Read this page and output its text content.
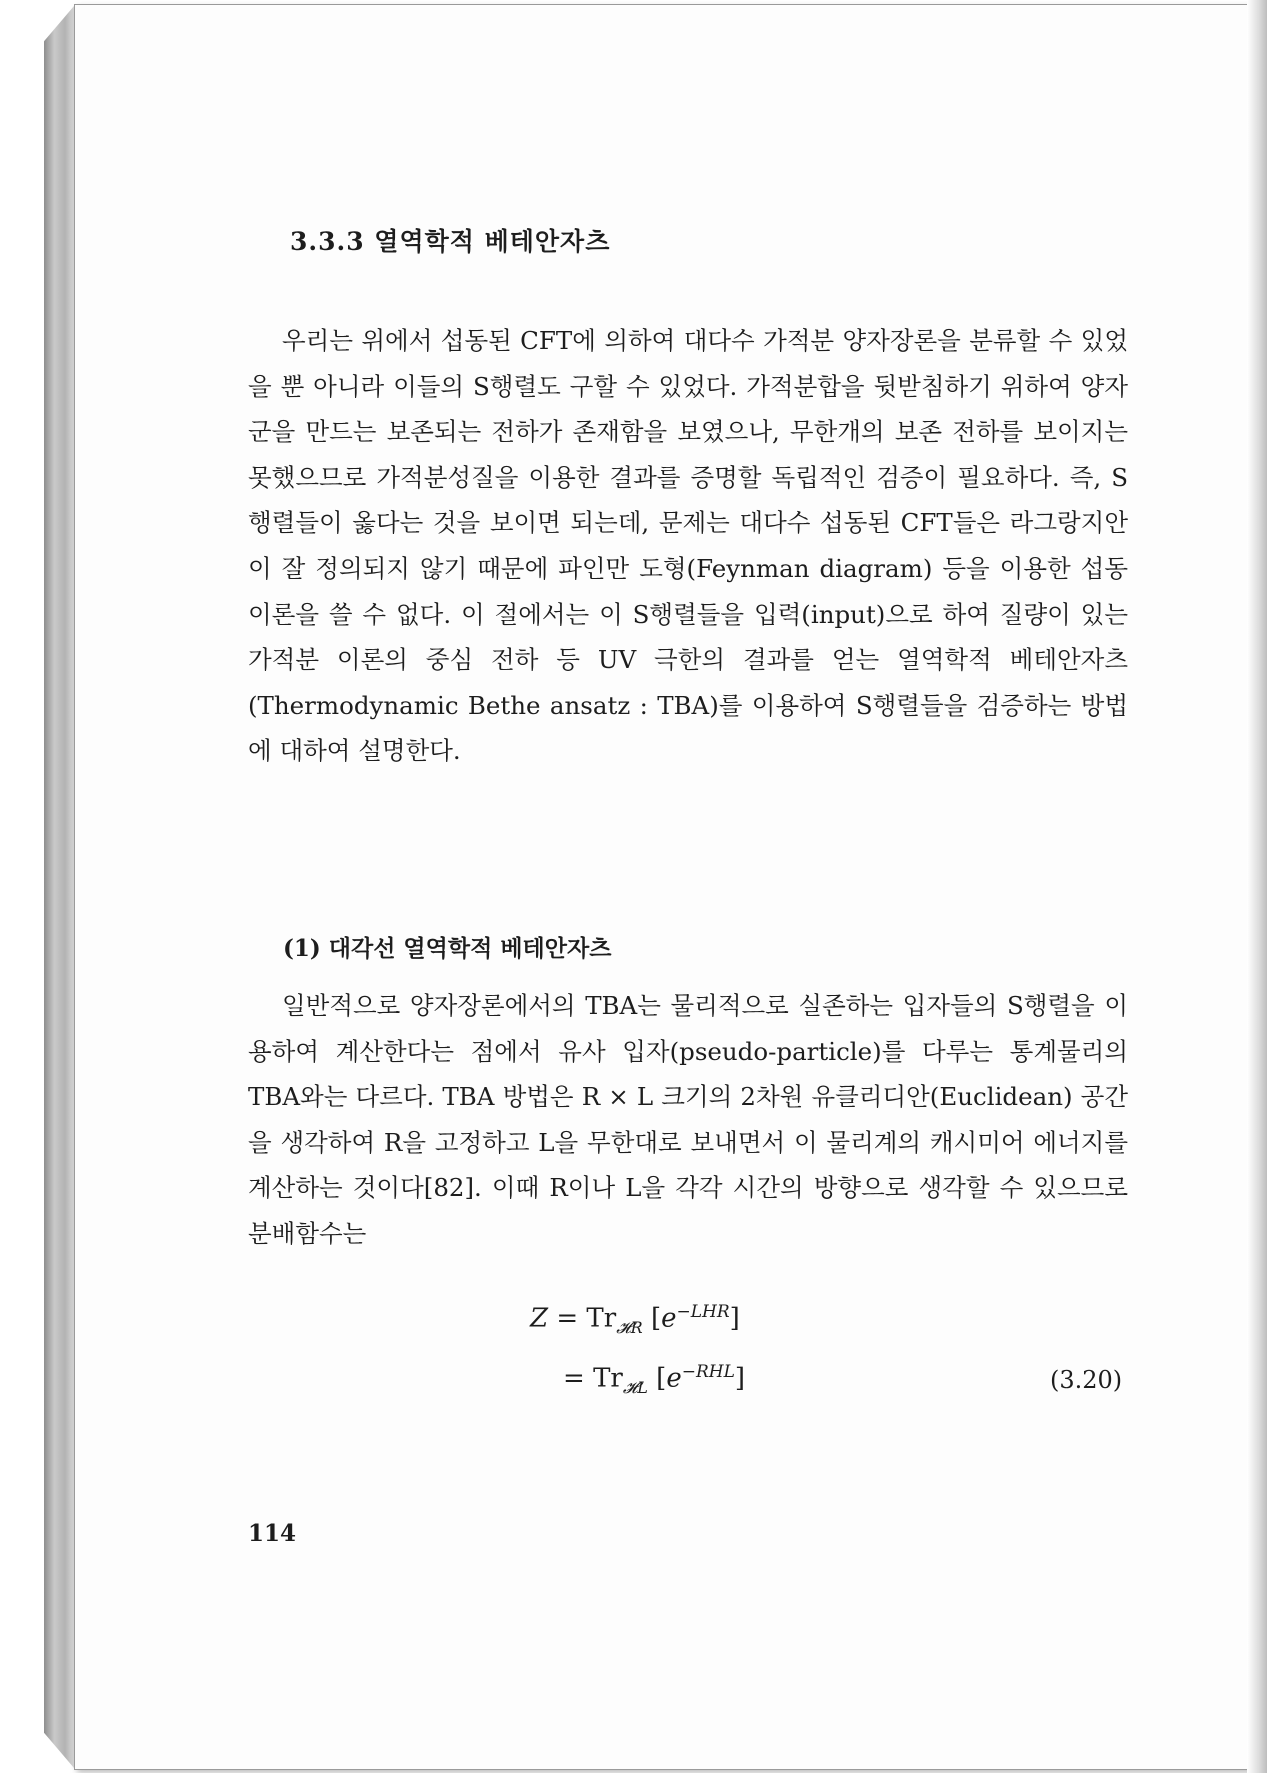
3.3.3 열역학적 베테안자츠

우리는 위에서 섭동된 CFT에 의하여 대다수 가적분 양자장론을 분류할 수 있었을 뿐 아니라 이들의 S행렬도 구할 수 있었다. 가적분합을 뒷받침하기 위하여 양자군을 만드는 보존되는 전하가 존재함을 보였으나, 무한개의 보존 전하를 보이지는 못했으므로 가적분성질을 이용한 결과를 증명할 독립적인 검증이 필요하다. 즉, S행렬들이 옳다는 것을 보이면 되는데, 문제는 대다수 섭동된 CFT들은 라그랑지안이 잘 정의되지 않기 때문에 파인만 도형(Feynman diagram) 등을 이용한 섭동 이론을 쓸 수 없다. 이 절에서는 이 S행렬들을 입력(input)으로 하여 질량이 있는 가적분 이론의 중심 전하 등 UV 극한의 결과를 얻는 열역학적 베테안자츠(Thermodynamic Bethe ansatz : TBA)를 이용하여 S행렬들을 검증하는 방법에 대하여 설명한다.

(1) 대각선 열역학적 베테안자츠

일반적으로 양자장론에서의 TBA는 물리적으로 실존하는 입자들의 S행렬을 이용하여 계산한다는 점에서 유사 입자(pseudo-particle)를 다루는 통계물리의 TBA와는 다르다. TBA 방법은 R × L 크기의 2차원 유클리디안(Euclidean) 공간을 생각하여 R을 고정하고 L을 무한대로 보내면서 이 물리계의 캐시미어 에너지를 계산하는 것이다[82]. 이때 R이나 L을 각각 시간의 방향으로 생각할 수 있으므로 분배함수는

$Z = Tr_{𝓗R}$ $[e^{-LHR}]$
= $Tr_{𝓗L}$ $[e^{-RHL}]$	(3.20)
114
